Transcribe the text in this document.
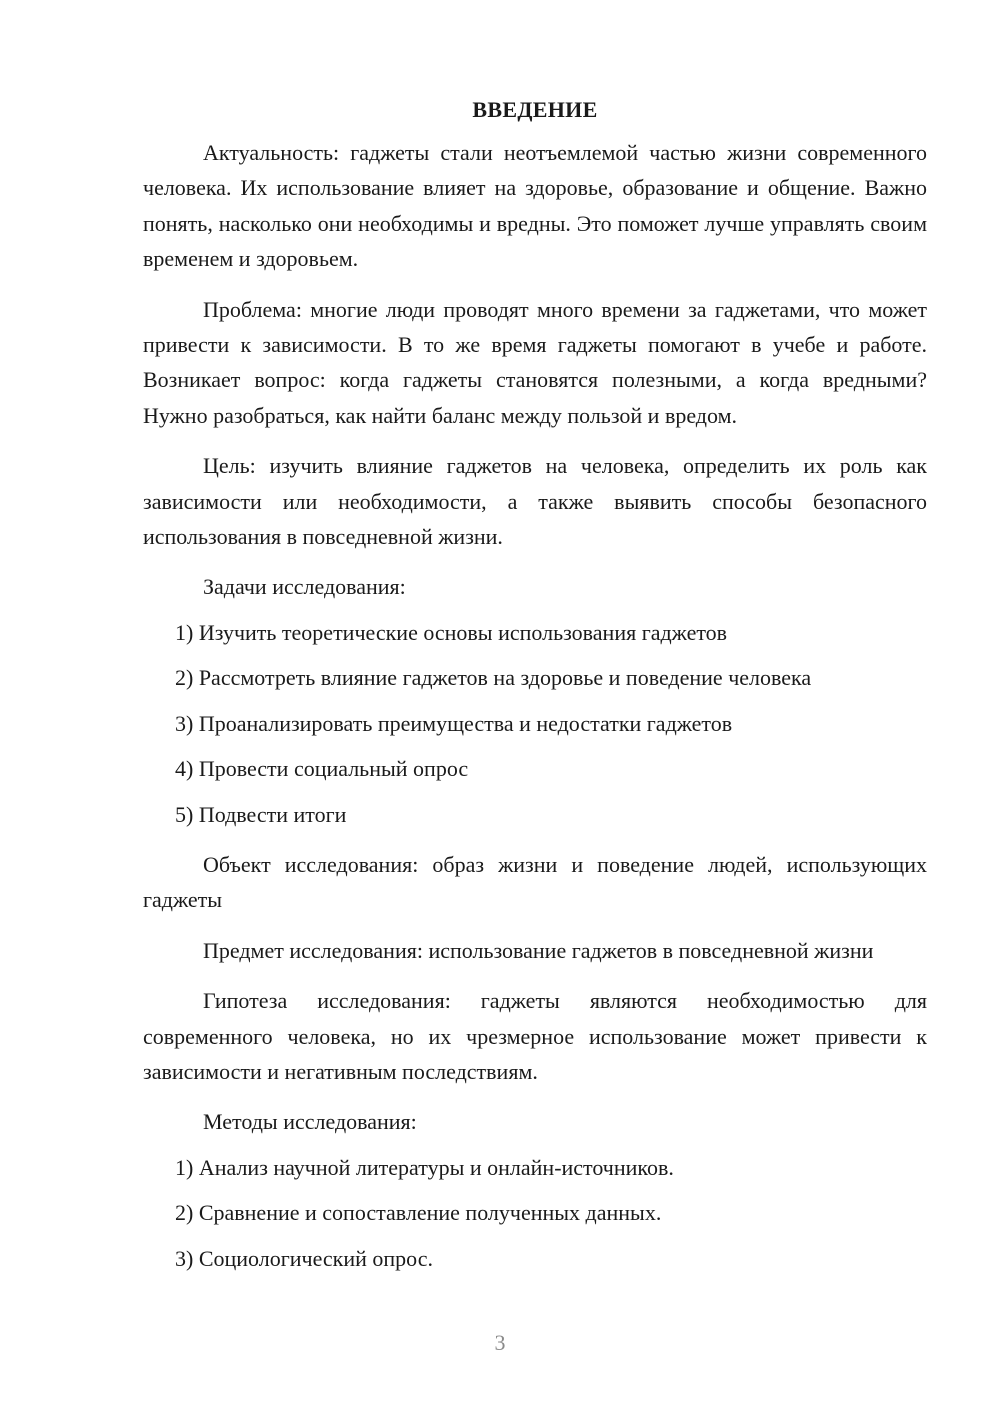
ВВЕДЕНИЕ

Актуальность: гаджеты стали неотъемлемой частью жизни современного человека. Их использование влияет на здоровье, образование и общение. Важно понять, насколько они необходимы и вредны. Это поможет лучше управлять своим временем и здоровьем.

Проблема: многие люди проводят много времени за гаджетами, что может привести к зависимости. В то же время гаджеты помогают в учебе и работе. Возникает вопрос: когда гаджеты становятся полезными, а когда вредными? Нужно разобраться, как найти баланс между пользой и вредом.

Цель: изучить влияние гаджетов на человека, определить их роль как зависимости или необходимости, а также выявить способы безопасного использования в повседневной жизни.

Задачи исследования:

1) Изучить теоретические основы использования гаджетов

2) Рассмотреть влияние гаджетов на здоровье и поведение человека

3) Проанализировать преимущества и недостатки гаджетов

4) Провести социальный опрос

5) Подвести итоги

Объект исследования: образ жизни и поведение людей, использующих гаджеты

Предмет исследования: использование гаджетов в повседневной жизни

Гипотеза исследования: гаджеты являются необходимостью для современного человека, но их чрезмерное использование может привести к зависимости и негативным последствиям.

Методы исследования:

1) Анализ научной литературы и онлайн-источников.

2) Сравнение и сопоставление полученных данных.

3) Социологический опрос.

3
